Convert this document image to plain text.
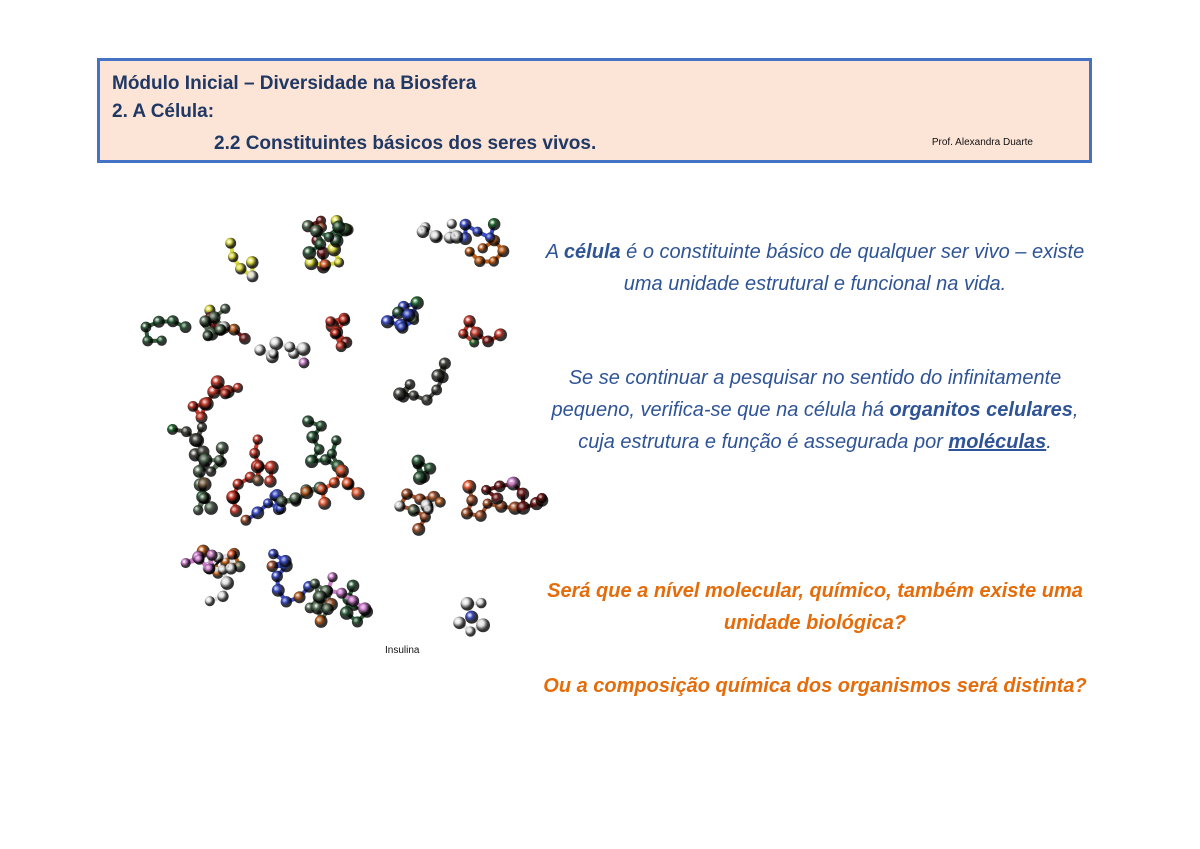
Módulo Inicial – Diversidade na Biosfera
2. A Célula:
2.2 Constituintes básicos dos seres vivos.	Prof. Alexandra Duarte
Insulina
A célula é o constituinte básico de qualquer ser vivo – existe uma unidade estrutural e funcional na vida.
Se se continuar a pesquisar no sentido do infinitamente pequeno, verifica-se que na célula há organitos celulares, cuja estrutura e função é assegurada por moléculas.
Será que a nível molecular, químico, também existe uma unidade biológica?
Ou a composição química dos organismos será distinta?
